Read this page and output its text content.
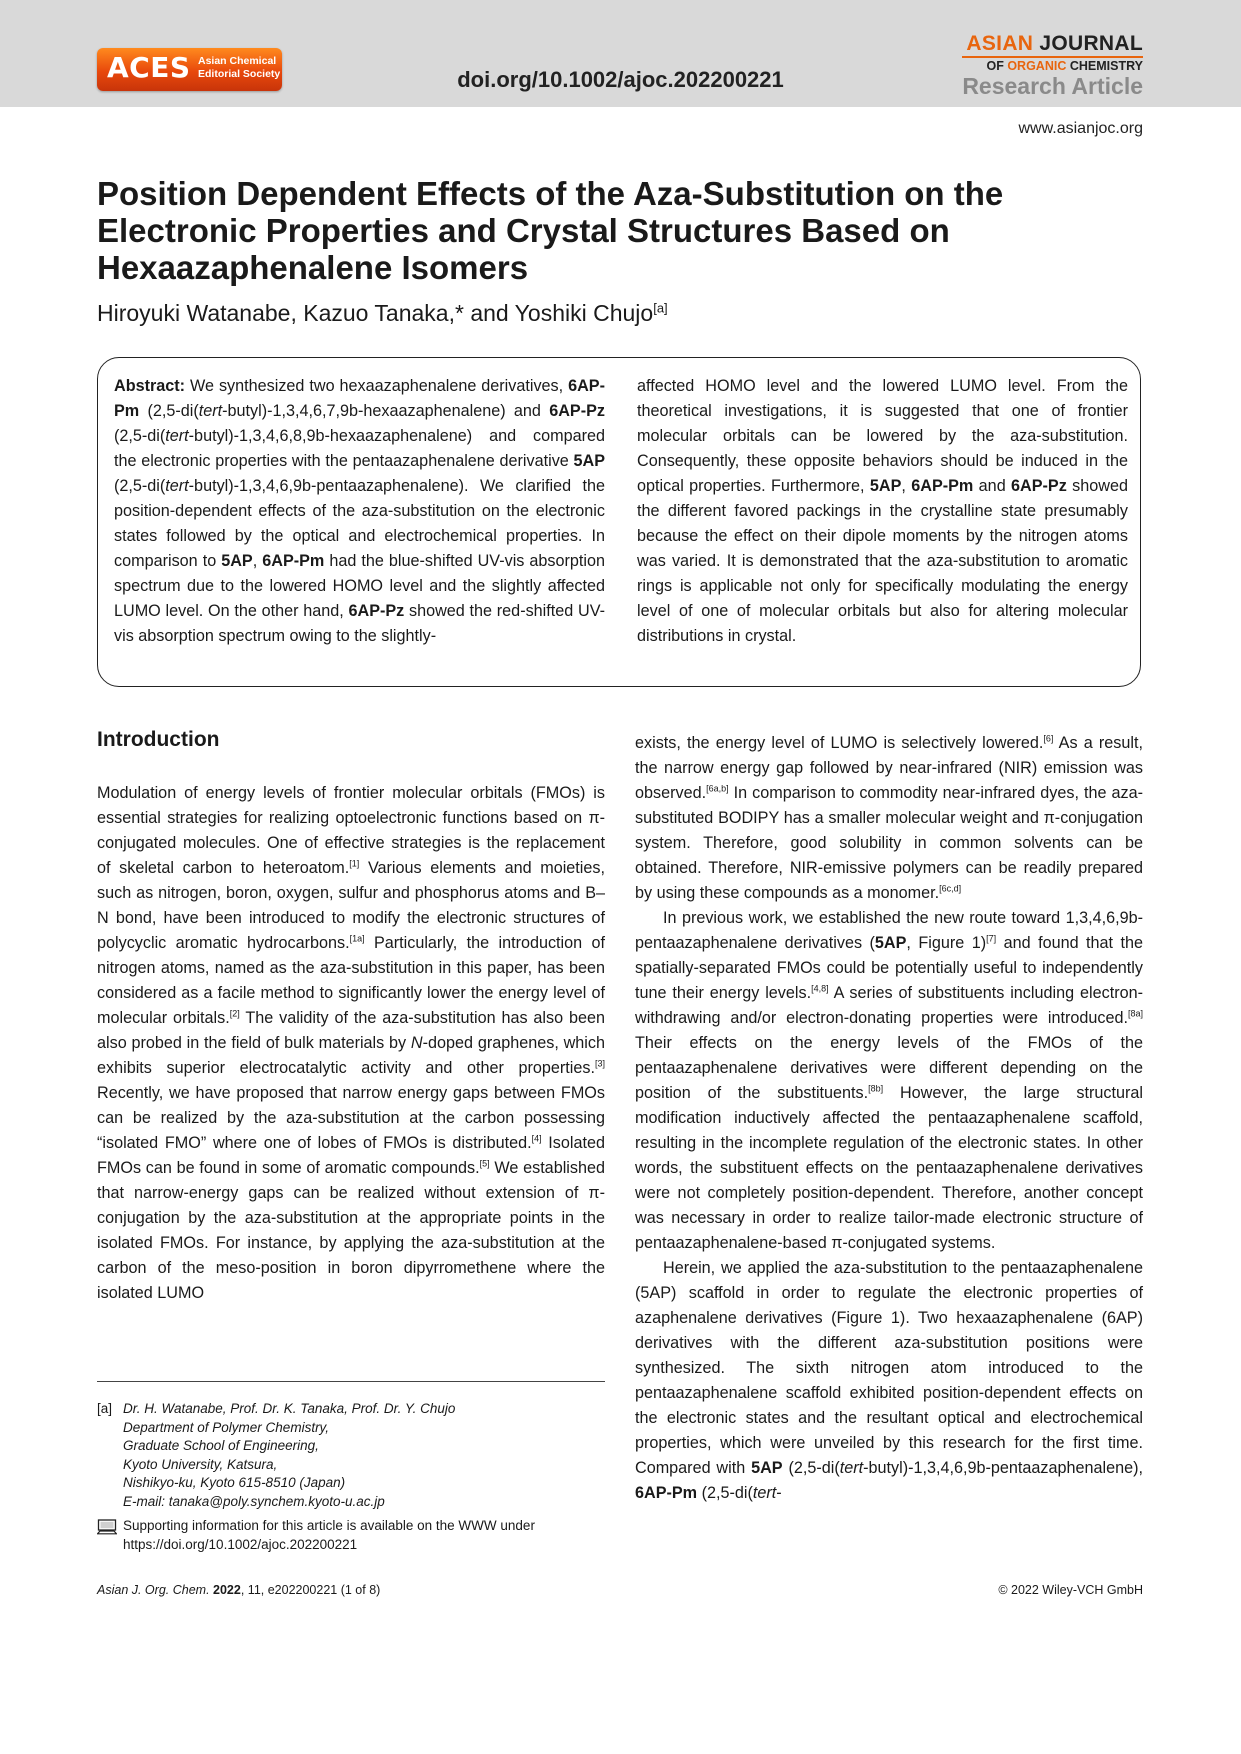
ACES Asian Chemical
Editorial Society	doi.org/10.1002/ajoc.202200221
ASIAN JOURNAL
OF ORGANIC CHEMISTRY
Research Article
www.asianjoc.org
Position Dependent Effects of the Aza-Substitution on the Electronic Properties and Crystal Structures Based on Hexaazaphenalene Isomers
Hiroyuki Watanabe, Kazuo Tanaka,* and Yoshiki Chujo[a]

Abstract: We synthesized two hexaazaphenalene derivatives, 6AP-Pm (2,5-di(tert-butyl)-1,3,4,6,7,9b-hexaazaphenalene) and 6AP-Pz (2,5-di(tert-butyl)-1,3,4,6,8,9b-hexaazaphenalene) and compared the electronic properties with the pentaazaphenalene derivative 5AP (2,5-di(tert-butyl)-1,3,4,6,9b-pentaazaphenalene). We clarified the position-dependent effects of the aza-substitution on the electronic states followed by the optical and electrochemical properties. In comparison to 5AP, 6AP-Pm had the blue-shifted UV-vis absorption spectrum due to the lowered HOMO level and the slightly affected LUMO level. On the other hand, 6AP-Pz showed the red-shifted UV-vis absorption spectrum owing to the slightly-

affected HOMO level and the lowered LUMO level. From the theoretical investigations, it is suggested that one of frontier molecular orbitals can be lowered by the aza-substitution. Consequently, these opposite behaviors should be induced in the optical properties. Furthermore, 5AP, 6AP-Pm and 6AP-Pz showed the different favored packings in the crystalline state presumably because the effect on their dipole moments by the nitrogen atoms was varied. It is demonstrated that the aza-substitution to aromatic rings is applicable not only for specifically modulating the energy level of one of molecular orbitals but also for altering molecular distributions in crystal.

Introduction

Modulation of energy levels of frontier molecular orbitals (FMOs) is essential strategies for realizing optoelectronic functions based on π-conjugated molecules. One of effective strategies is the replacement of skeletal carbon to heteroatom.[1] Various elements and moieties, such as nitrogen, boron, oxygen, sulfur and phosphorus atoms and B–N bond, have been introduced to modify the electronic structures of polycyclic aromatic hydrocarbons.[1a] Particularly, the introduction of nitrogen atoms, named as the aza-substitution in this paper, has been considered as a facile method to significantly lower the energy level of molecular orbitals.[2] The validity of the aza-substitution has also been also probed in the field of bulk materials by N-doped graphenes, which exhibits superior electrocatalytic activity and other properties.[3] Recently, we have proposed that narrow energy gaps between FMOs can be realized by the aza-substitution at the carbon possessing “isolated FMO” where one of lobes of FMOs is distributed.[4] Isolated FMOs can be found in some of aromatic compounds.[5] We established that narrow-energy gaps can be realized without extension of π-conjugation by the aza-substitution at the appropriate points in the isolated FMOs. For instance, by applying the aza-substitution at the carbon of the meso-position in boron dipyrromethene where the isolated LUMO

exists, the energy level of LUMO is selectively lowered.[6] As a result, the narrow energy gap followed by near-infrared (NIR) emission was observed.[6a,b] In comparison to commodity near-infrared dyes, the aza-substituted BODIPY has a smaller molecular weight and π-conjugation system. Therefore, good solubility in common solvents can be obtained. Therefore, NIR-emissive polymers can be readily prepared by using these compounds as a monomer.[6c,d]

In previous work, we established the new route toward 1,3,4,6,9b-pentaazaphenalene derivatives (5AP, Figure 1)[7] and found that the spatially-separated FMOs could be potentially useful to independently tune their energy levels.[4,8] A series of substituents including electron-withdrawing and/or electron-donating properties were introduced.[8a] Their effects on the energy levels of the FMOs of the pentaazaphenalene derivatives were different depending on the position of the substituents.[8b] However, the large structural modification inductively affected the pentaazaphenalene scaffold, resulting in the incomplete regulation of the electronic states. In other words, the substituent effects on the pentaazaphenalene derivatives were not completely position-dependent. Therefore, another concept was necessary in order to realize tailor-made electronic structure of pentaazaphenalene-based π-conjugated systems.

Herein, we applied the aza-substitution to the pentaazaphenalene (5AP) scaffold in order to regulate the electronic properties of azaphenalene derivatives (Figure 1). Two hexaazaphenalene (6AP) derivatives with the different aza-substitution positions were synthesized. The sixth nitrogen atom introduced to the pentaazaphenalene scaffold exhibited position-dependent effects on the electronic states and the resultant optical and electrochemical properties, which were unveiled by this research for the first time. Compared with 5AP (2,5-di(tert-butyl)-1,3,4,6,9b-pentaazaphenalene), 6AP-Pm (2,5-di(tert-

[a] Dr. H. Watanabe, Prof. Dr. K. Tanaka, Prof. Dr. Y. Chujo
Department of Polymer Chemistry,
Graduate School of Engineering,
Kyoto University, Katsura,
Nishikyo-ku, Kyoto 615-8510 (Japan)
E-mail: tanaka@poly.synchem.kyoto-u.ac.jp
Supporting information for this article is available on the WWW under https://doi.org/10.1002/ajoc.202200221
Asian J. Org. Chem. 2022, 11, e202200221 (1 of 8)	© 2022 Wiley-VCH GmbH
